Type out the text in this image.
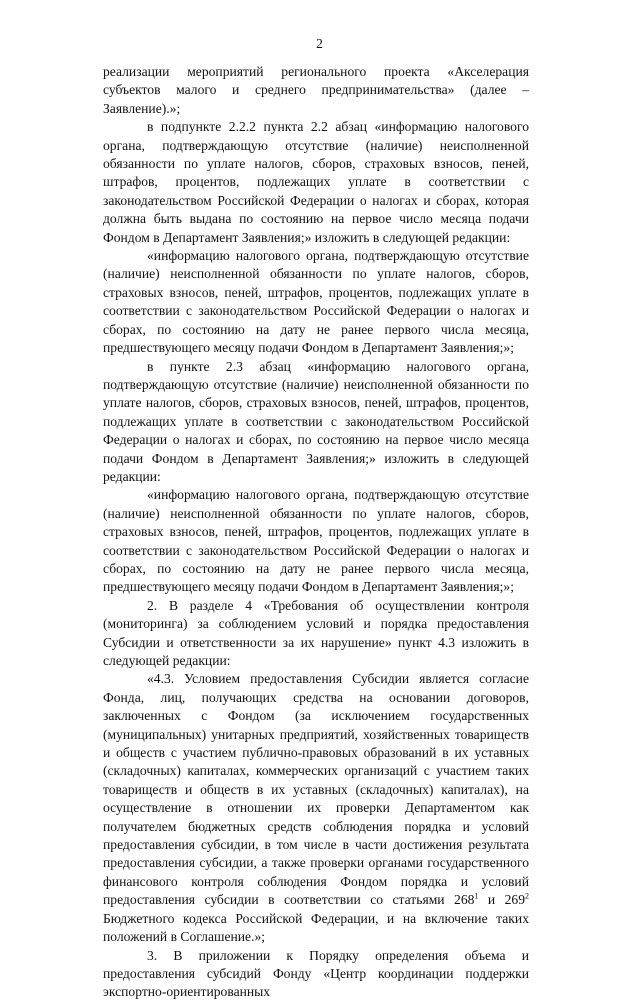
2

реализации мероприятий регионального проекта «Акселерация субъектов малого и среднего предпринимательства» (далее – Заявление).»;

в подпункте 2.2.2 пункта 2.2 абзац «информацию налогового органа, подтверждающую отсутствие (наличие) неисполненной обязанности по уплате налогов, сборов, страховых взносов, пеней, штрафов, процентов, подлежащих уплате в соответствии с законодательством Российской Федерации о налогах и сборах, которая должна быть выдана по состоянию на первое число месяца подачи Фондом в Департамент Заявления;» изложить в следующей редакции:

«информацию налогового органа, подтверждающую отсутствие (наличие) неисполненной обязанности по уплате налогов, сборов, страховых взносов, пеней, штрафов, процентов, подлежащих уплате в соответствии с законодательством Российской Федерации о налогах и сборах, по состоянию на дату не ранее первого числа месяца, предшествующего месяцу подачи Фондом в Департамент Заявления;»;

в пункте 2.3 абзац «информацию налогового органа, подтверждающую отсутствие (наличие) неисполненной обязанности по уплате налогов, сборов, страховых взносов, пеней, штрафов, процентов, подлежащих уплате в соответствии с законодательством Российской Федерации о налогах и сборах, по состоянию на первое число месяца подачи Фондом в Департамент Заявления;» изложить в следующей редакции:

«информацию налогового органа, подтверждающую отсутствие (наличие) неисполненной обязанности по уплате налогов, сборов, страховых взносов, пеней, штрафов, процентов, подлежащих уплате в соответствии с законодательством Российской Федерации о налогах и сборах, по состоянию на дату не ранее первого числа месяца, предшествующего месяцу подачи Фондом в Департамент Заявления;»;

2. В разделе 4 «Требования об осуществлении контроля (мониторинга) за соблюдением условий и порядка предоставления Субсидии и ответственности за их нарушение» пункт 4.3 изложить в следующей редакции:

«4.3. Условием предоставления Субсидии является согласие Фонда, лиц, получающих средства на основании договоров, заключенных с Фондом (за исключением государственных (муниципальных) унитарных предприятий, хозяйственных товариществ и обществ с участием публично-правовых образований в их уставных (складочных) капиталах, коммерческих организаций с участием таких товариществ и обществ в их уставных (складочных) капиталах), на осуществление в отношении их проверки Департаментом как получателем бюджетных средств соблюдения порядка и условий предоставления субсидии, в том числе в части достижения результата предоставления субсидии, а также проверки органами государственного финансового контроля соблюдения Фондом порядка и условий предоставления субсидии в соответствии со статьями $268^1$ и $269^2$ Бюджетного кодекса Российской Федерации, и на включение таких положений в Соглашение.»;

3. В приложении к Порядку определения объема и предоставления субсидий Фонду «Центр координации поддержки экспортно-ориентированных
